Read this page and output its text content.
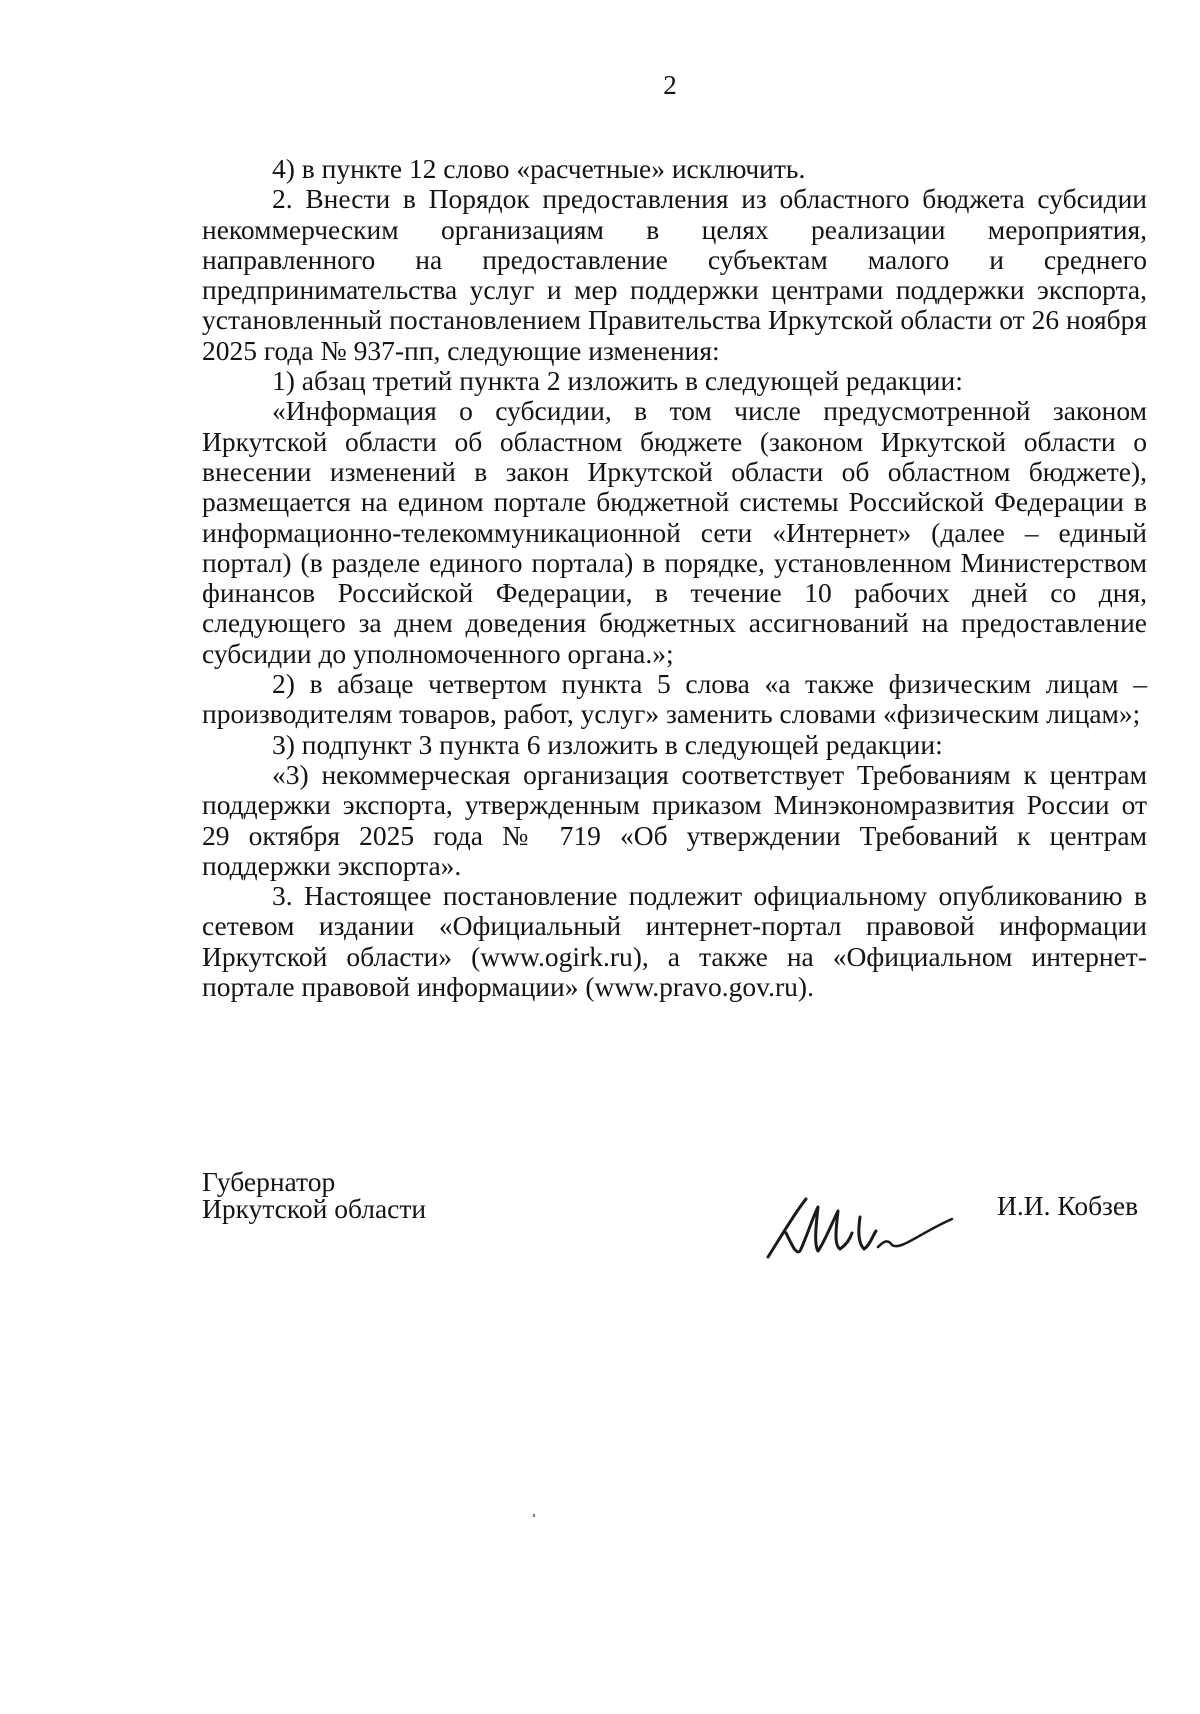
2

4) в пункте 12 слово «расчетные» исключить.

2. Внести в Порядок предоставления из областного бюджета субсидии некоммерческим организациям в целях реализации мероприятия, направленного на предоставление субъектам малого и среднего предпринимательства услуг и мер поддержки центрами поддержки экспорта, установленный постановлением Правительства Иркутской области от 26 ноября 2025 года № 937-пп, следующие изменения:

1) абзац третий пункта 2 изложить в следующей редакции:

«Информация о субсидии, в том числе предусмотренной законом Иркутской области об областном бюджете (законом Иркутской области о внесении изменений в закон Иркутской области об областном бюджете), размещается на едином портале бюджетной системы Российской Федерации в информационно-телекоммуникационной сети «Интернет» (далее – единый портал) (в разделе единого портала) в порядке, установленном Министерством финансов Российской Федерации, в течение 10 рабочих дней со дня, следующего за днем доведения бюджетных ассигнований на предоставление субсидии до уполномоченного органа.»;

2) в абзаце четвертом пункта 5 слова «а также физическим лицам – производителям товаров, работ, услуг» заменить словами «физическим лицам»;

3) подпункт 3 пункта 6 изложить в следующей редакции:

«3) некоммерческая организация соответствует Требованиям к центрам поддержки экспорта, утвержденным приказом Минэкономразвития России от 29 октября 2025 года № 719 «Об утверждении Требований к центрам поддержки экспорта».

3. Настоящее постановление подлежит официальному опубликованию в сетевом издании «Официальный интернет-портал правовой информации Иркутской области» (www.ogirk.ru), а также на «Официальном интернет-портале правовой информации» (www.pravo.gov.ru).

Губернатор
Иркутской области	И.И. Кобзев
